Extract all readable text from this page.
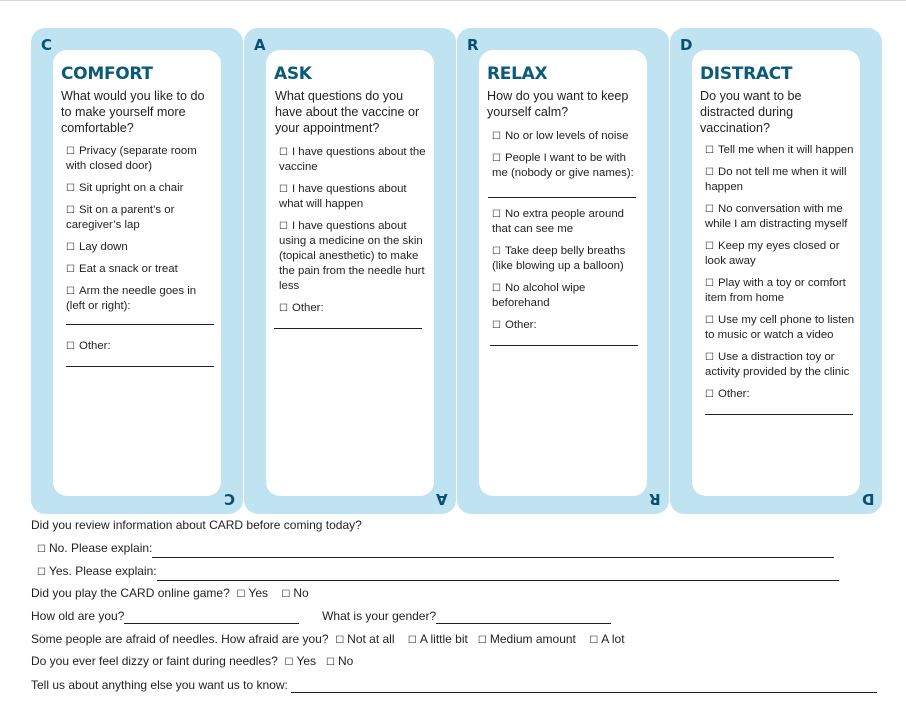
C
C
COMFORT
What would you like to do to make yourself more comfortable?
☐ Privacy (separate room with closed door)
☐ Sit upright on a chair
☐ Sit on a parent’s or caregiver’s lap
☐ Lay down
☐ Eat a snack or treat
☐ Arm the needle goes in (left or right):
☐ Other:
A
A
ASK
What questions do you have about the vaccine or your appointment?
☐ I have questions about the vaccine
☐ I have questions about what will happen
☐ I have questions about using a medicine on the skin (topical anesthetic) to make the pain from the needle hurt less
☐ Other:
R
R
RELAX
How do you want to keep yourself calm?
☐ No or low levels of noise
☐ People I want to be with me (nobody or give names):
☐ No extra people around that can see me
☐ Take deep belly breaths (like blowing up a balloon)
☐ No alcohol wipe beforehand
☐ Other:
D
D
DISTRACT
Do you want to be distracted during vaccination?
☐ Tell me when it will happen
☐ Do not tell me when it will happen
☐ No conversation with me while I am distracting myself
☐ Keep my eyes closed or look away
☐ Play with a toy or comfort item from home
☐ Use my cell phone to listen to music or watch a video
☐ Use a distraction toy or activity provided by the clinic
☐ Other:
Did you review information about CARD before coming today?
☐ No. Please explain:
☐ Yes. Please explain:
Did you play the CARD online game? ☐ Yes ☐ No
How old are you?	What is your gender?
Some people are afraid of needles. How afraid are you? ☐ Not at all ☐ A little bit ☐ Medium amount ☐ A lot
Do you ever feel dizzy or faint during needles? ☐ Yes ☐ No
Tell us about anything else you want us to know:
